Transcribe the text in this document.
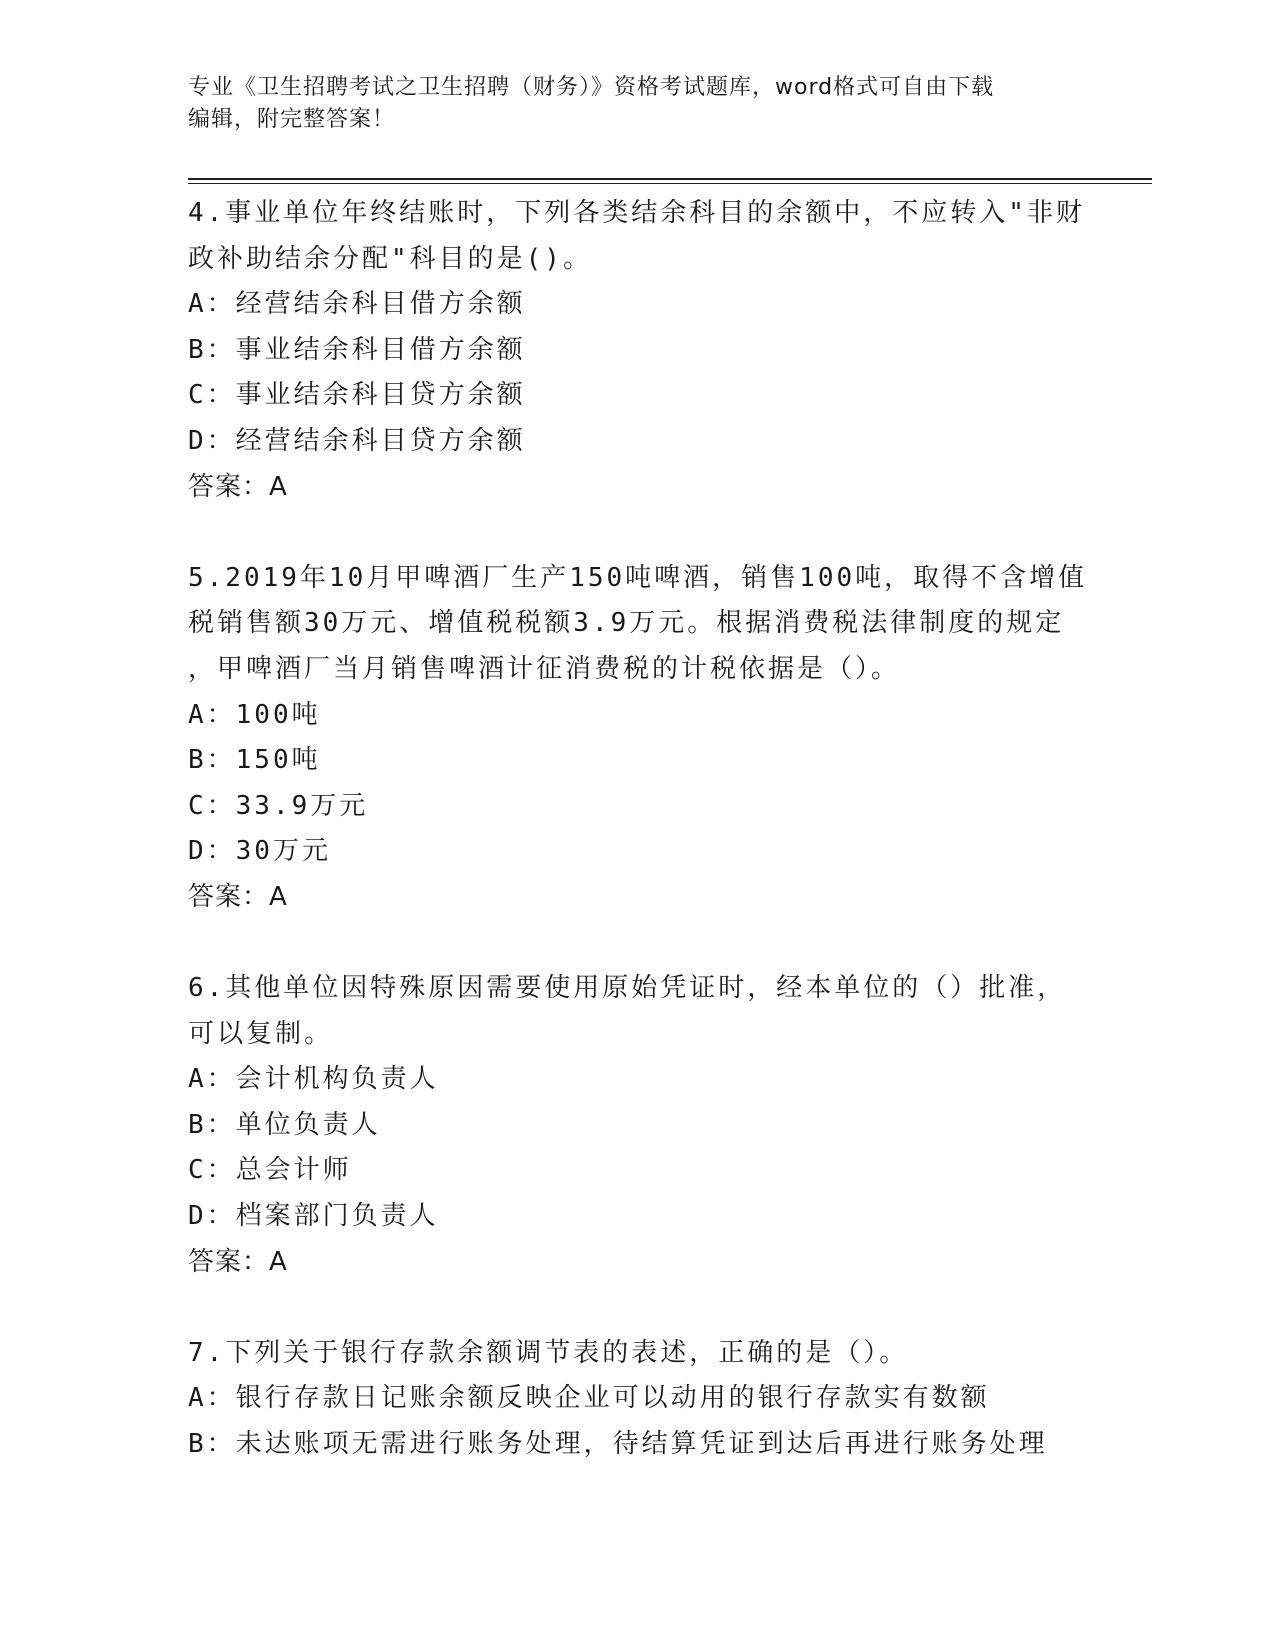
专业《卫生招聘考试之卫生招聘（财务）》资格考试题库，word格式可自由下载
编辑，附完整答案！
4.事业单位年终结账时，下列各类结余科目的余额中，不应转入"非财
政补助结余分配"科目的是()。
A：经营结余科目借方余额
B：事业结余科目借方余额
C：事业结余科目贷方余额
D：经营结余科目贷方余额
答案：A
5.2019年10月甲啤酒厂生产150吨啤酒，销售100吨，取得不含增值
税销售额30万元、增值税税额3.9万元。根据消费税法律制度的规定
，甲啤酒厂当月销售啤酒计征消费税的计税依据是（）。
A：100吨
B：150吨
C：33.9万元
D：30万元
答案：A
6.其他单位因特殊原因需要使用原始凭证时，经本单位的（）批准，
可以复制。
A：会计机构负责人
B：单位负责人
C：总会计师
D：档案部门负责人
答案：A
7.下列关于银行存款余额调节表的表述，正确的是（）。
A：银行存款日记账余额反映企业可以动用的银行存款实有数额
B：未达账项无需进行账务处理，待结算凭证到达后再进行账务处理
